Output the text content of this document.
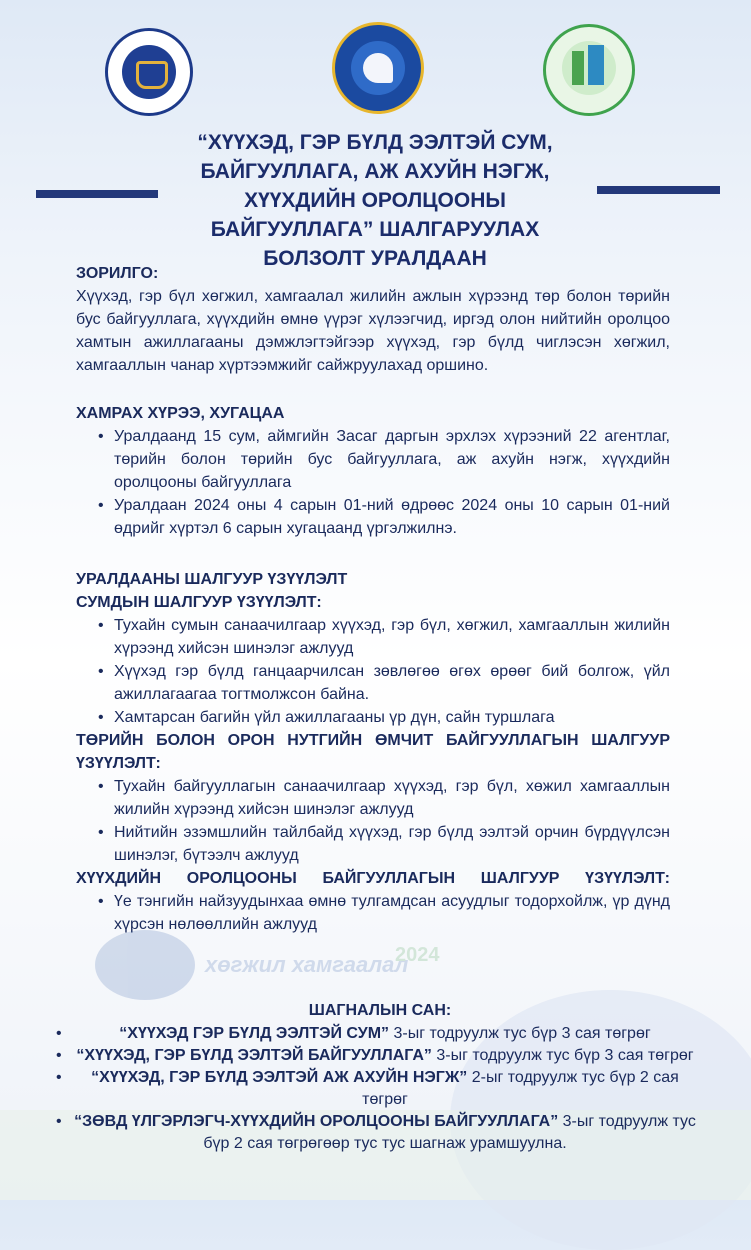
“ХҮҮХЭД, ГЭР БҮЛД ЭЭЛТЭЙ СУМ,
БАЙГУУЛЛАГА, АЖ АХУЙН НЭГЖ,
ХҮҮХДИЙН ОРОЛЦООНЫ
БАЙГУУЛЛАГА” ШАЛГАРУУЛАХ
БОЛЗОЛТ УРАЛДААН

ЗОРИЛГО:

Хүүхэд, гэр бүл хөгжил, хамгаалал жилийн ажлын хүрээнд төр болон төрийн бус байгууллага, хүүхдийн өмнө үүрэг хүлээгчид, иргэд олон нийтийн оролцоо хамтын ажиллагааны дэмжлэгтэйгээр хүүхэд, гэр бүлд чиглэсэн хөгжил, хамгааллын чанар хүртээмжийг сайжруулахад оршино.

ХАМРАХ ХҮРЭЭ, ХУГАЦАА

• Уралдаанд 15 сум, аймгийн Засаг даргын эрхлэх хүрээний 22 агентлаг, төрийн болон төрийн бус байгууллага, аж ахуйн нэгж, хүүхдийн оролцооны байгууллага
• Уралдаан 2024 оны 4 сарын 01-ний өдрөөс 2024 оны 10 сарын 01-ний өдрийг хүртэл 6 сарын хугацаанд үргэлжилнэ.

УРАЛДААНЫ ШАЛГУУР ҮЗҮҮЛЭЛТ

СУМДЫН ШАЛГУУР ҮЗҮҮЛЭЛТ:

• Тухайн сумын санаачилгаар хүүхэд, гэр бүл, хөгжил, хамгааллын жилийн хүрээнд хийсэн шинэлэг ажлууд
• Хүүхэд гэр бүлд ганцаарчилсан зөвлөгөө өгөх өрөөг бий болгож, үйл ажиллагаагаа тогтмолжсон байна.
• Хамтарсан багийн үйл ажиллагааны үр дүн, сайн туршлага

ТӨРИЙН БОЛОН ОРОН НУТГИЙН ӨМЧИТ БАЙГУУЛЛАГЫН ШАЛГУУР ҮЗҮҮЛЭЛТ:

• Тухайн байгууллагын санаачилгаар хүүхэд, гэр бүл, хөжил хамгааллын жилийн хүрээнд хийсэн шинэлэг ажлууд
• Нийтийн эзэмшлийн тайлбайд хүүхэд, гэр бүлд ээлтэй орчин бүрдүүлсэн шинэлэг, бүтээлч ажлууд

ХҮҮХДИЙН ОРОЛЦООНЫ БАЙГУУЛЛАГЫН ШАЛГУУР ҮЗҮҮЛЭЛТ:

• Үе тэнгийн найзуудынхаа өмнө тулгамдсан асуудлыг тодорхойлж, үр дүнд хүрсэн нөлөөллийн ажлууд
хөгжил хамгаалал
2024
ШАГНАЛЫН САН:
• “ХҮҮХЭД ГЭР БҮЛД ЭЭЛТЭЙ СУМ” 3-ыг тодруулж тус бүр 3 сая төгрөг
• “ХҮҮХЭД, ГЭР БҮЛД ЭЭЛТЭЙ БАЙГУУЛЛАГА” 3-ыг тодруулж тус бүр 3 сая төгрөг
• “ХҮҮХЭД, ГЭР БҮЛД ЭЭЛТЭЙ АЖ АХУЙН НЭГЖ” 2-ыг тодруулж тус бүр 2 сая төгрөг
• “ЗӨВД ҮЛГЭРЛЭГЧ-ХҮҮХДИЙН ОРОЛЦООНЫ БАЙГУУЛЛАГА” 3-ыг тодруулж тус бүр 2 сая төгрөгөөр тус тус шагнаж урамшуулна.
